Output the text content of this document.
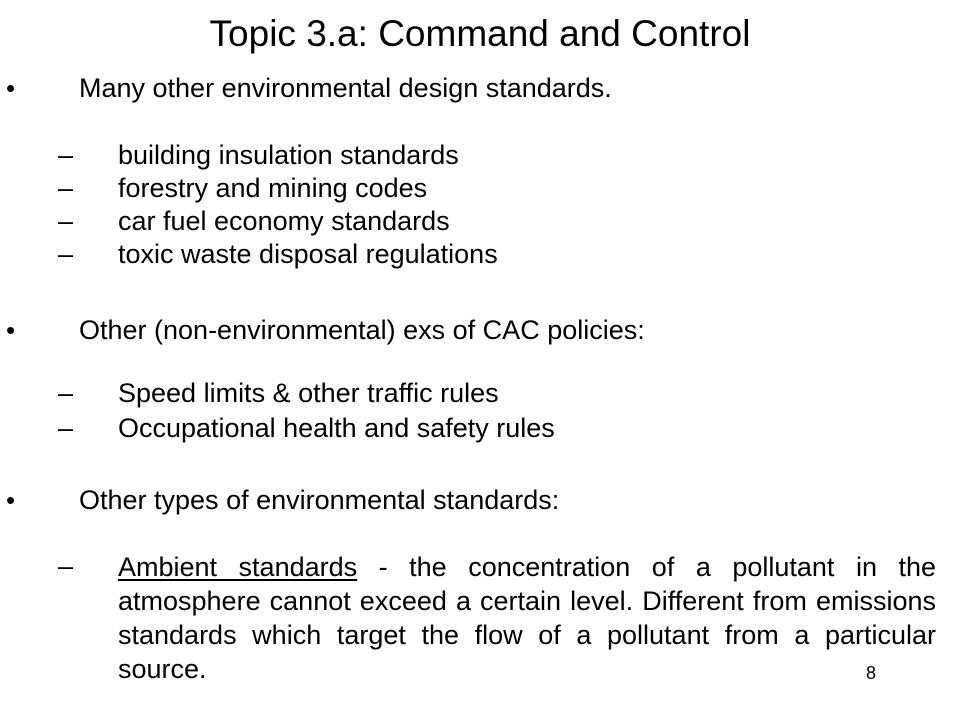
Topic 3.a: Command and Control
• Many other environmental design standards.
– building insulation standards
– forestry and mining codes
– car fuel economy standards
– toxic waste disposal regulations
• Other (non-environmental) exs of CAC policies:
– Speed limits & other traffic rules
– Occupational health and safety rules
• Other types of environmental standards:
– Ambient standards - the concentration of a pollutant in the atmosphere cannot exceed a certain level. Different from emissions standards which target the flow of a pollutant from a particular source.	8
